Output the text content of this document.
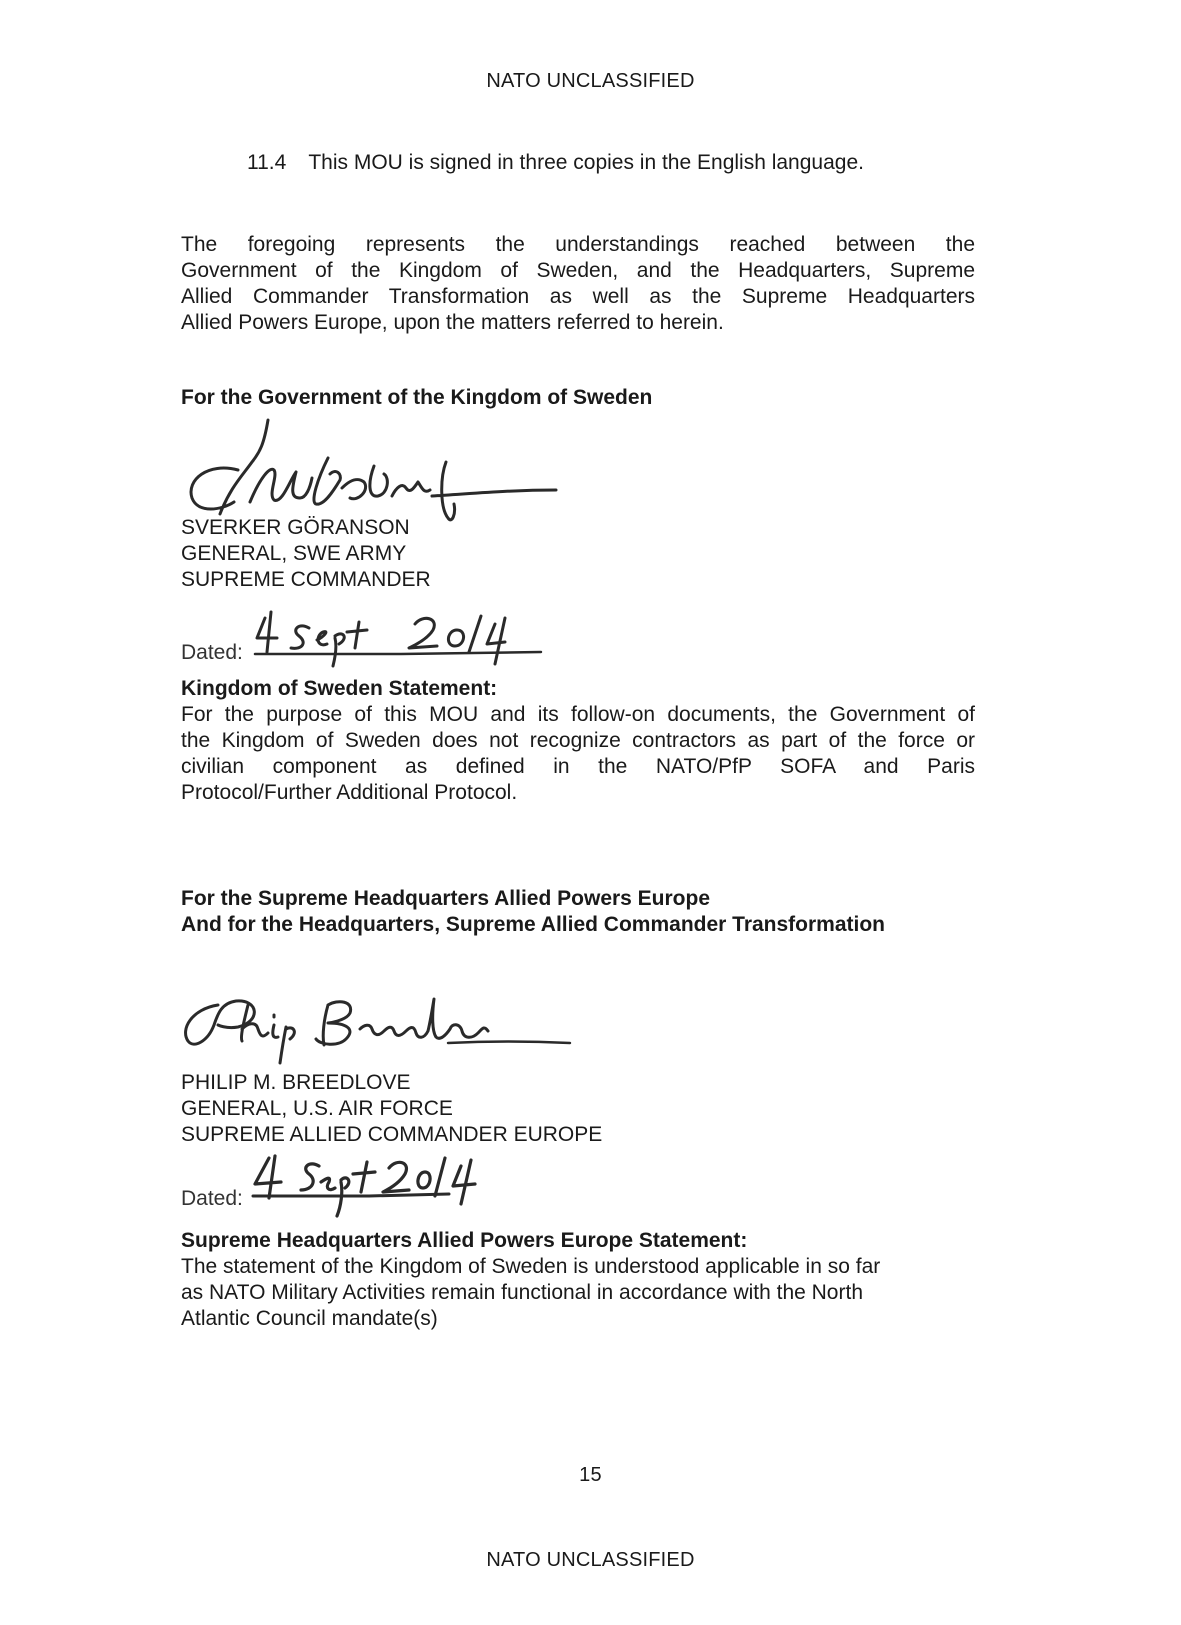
NATO UNCLASSIFIED
11.4 This MOU is signed in three copies in the English language.
The foregoing represents the understandings reached between the
Government of the Kingdom of Sweden, and the Headquarters, Supreme
Allied Commander Transformation as well as the Supreme Headquarters
Allied Powers Europe, upon the matters referred to herein.
For the Government of the Kingdom of Sweden
SVERKER GÖRANSON
GENERAL, SWE ARMY
SUPREME COMMANDER
Dated:
Kingdom of Sweden Statement:
For the purpose of this MOU and its follow-on documents, the Government of
the Kingdom of Sweden does not recognize contractors as part of the force or
civilian component as defined in the NATO/PfP SOFA and Paris
Protocol/Further Additional Protocol.
For the Supreme Headquarters Allied Powers Europe
And for the Headquarters, Supreme Allied Commander Transformation
PHILIP M. BREEDLOVE
GENERAL, U.S. AIR FORCE
SUPREME ALLIED COMMANDER EUROPE
Dated:
Supreme Headquarters Allied Powers Europe Statement:
The statement of the Kingdom of Sweden is understood applicable in so far
as NATO Military Activities remain functional in accordance with the North
Atlantic Council mandate(s)
15
NATO UNCLASSIFIED
